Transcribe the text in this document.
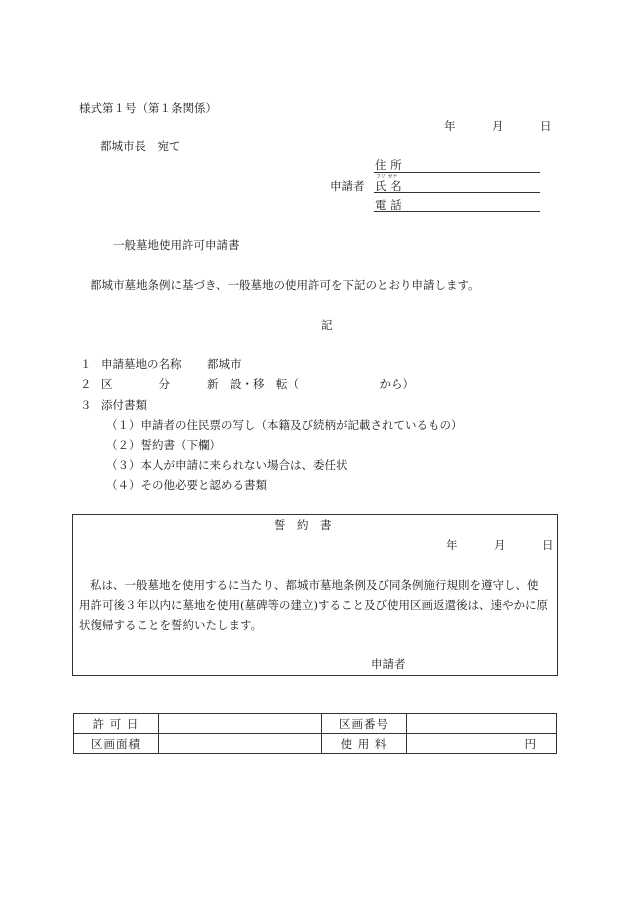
様式第１号（第１条関係）
年	月	日
都城市長　宛て
住 所
フリ ガナ
申請者 氏 名
電 話
一般墓地使用許可申請書
都城市墓地条例に基づき、一般墓地の使用許可を下記のとおり申請します。
記
１ 申請墓地の名称 都城市
２ 区　　　　分	新　設・移　転（　　　　　　　から）
３ 添付書類
（１）申請者の住民票の写し（本籍及び続柄が記載されているもの）
（２）誓約書（下欄）
（３）本人が申請に来られない場合は、委任状
（４）その他必要と認める書類
誓　約　書
年	月	日
私は、一般墓地を使用するに当たり、都城市墓地条例及び同条例施行規則を遵守し、使
用許可後３年以内に墓地を使用(墓碑等の建立)すること及び使用区画返還後は、速やかに原
状復帰することを誓約いたします。
申請者
許 可 日		区画番号	
区画面積		使 用 料	円
